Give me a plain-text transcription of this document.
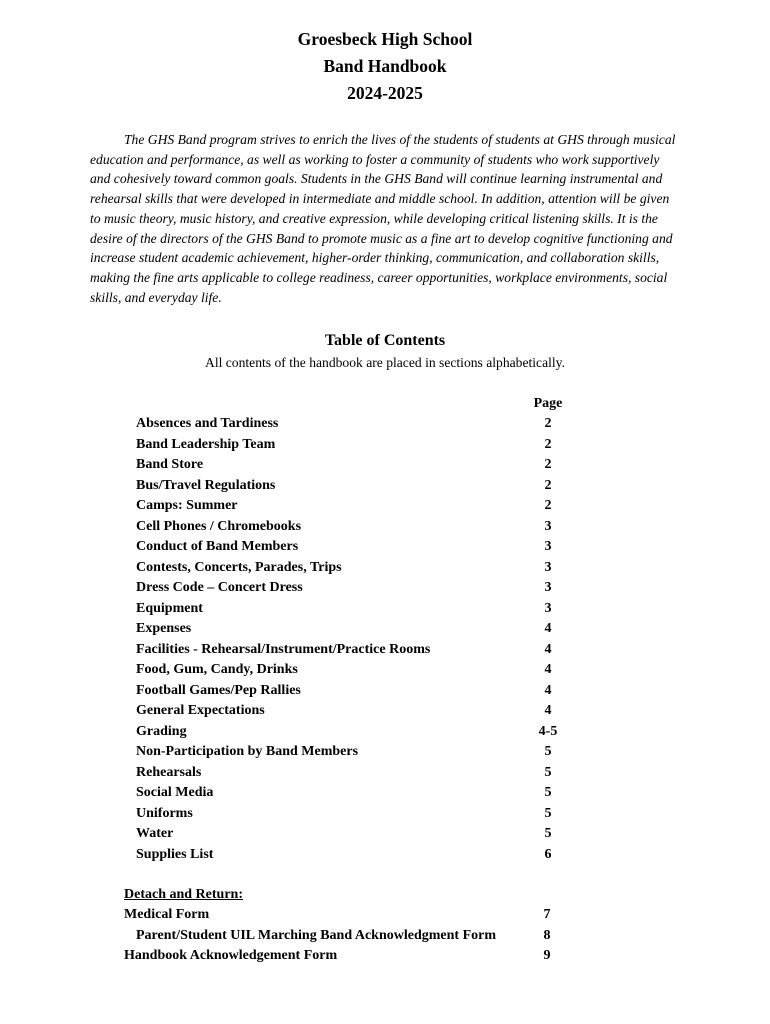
Groesbeck High School
Band Handbook
2024-2025

The GHS Band program strives to enrich the lives of the students of students at GHS through musical education and performance, as well as working to foster a community of students who work supportively and cohesively toward common goals. Students in the GHS Band will continue learning instrumental and rehearsal skills that were developed in intermediate and middle school. In addition, attention will be given to music theory, music history, and creative expression, while developing critical listening skills. It is the desire of the directors of the GHS Band to promote music as a fine art to develop cognitive functioning and increase student academic achievement, higher-order thinking, communication, and collaboration skills, making the fine arts applicable to college readiness, career opportunities, workplace environments, social skills, and everyday life.

Table of Contents
All contents of the handbook are placed in sections alphabetically.
Page
Absences and Tardiness	2
Band Leadership Team	2
Band Store	2
Bus/Travel Regulations	2
Camps: Summer	2
Cell Phones / Chromebooks	3
Conduct of Band Members	3
Contests, Concerts, Parades, Trips	3
Dress Code – Concert Dress	3
Equipment	3
Expenses	4
Facilities - Rehearsal/Instrument/Practice Rooms	4
Food, Gum, Candy, Drinks	4
Football Games/Pep Rallies	4
General Expectations	4
Grading	4-5
Non-Participation by Band Members	5
Rehearsals	5
Social Media	5
Uniforms	5
Water	5
Supplies List	6
Detach and Return:
Medical Form	7
Parent/Student UIL Marching Band Acknowledgment Form	8
Handbook Acknowledgement Form	9
